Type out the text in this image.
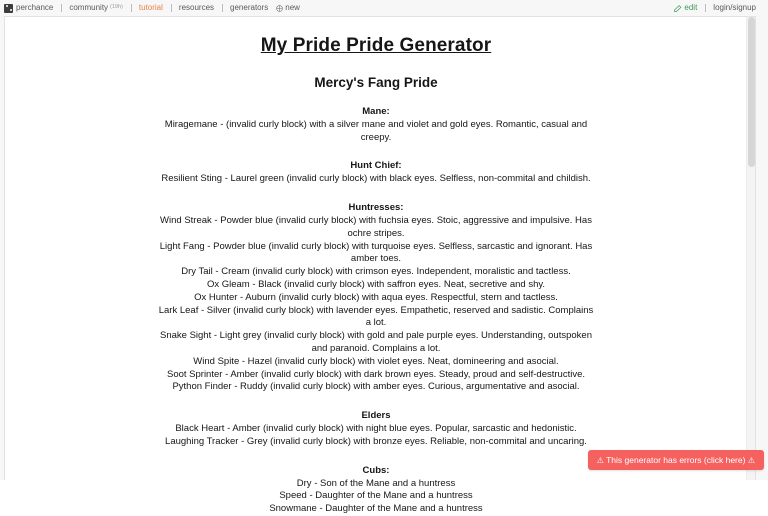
perchance community (19h) tutorial resources generators new	edit login/signup
My Pride Pride Generator
Mercy's Fang Pride

Mane:

Miragemane - (invalid curly block) with a silver mane and violet and gold eyes. Romantic, casual and creepy.

Hunt Chief:

Resilient Sting - Laurel green (invalid curly block) with black eyes. Selfless, non-commital and childish.

Huntresses:

Wind Streak - Powder blue (invalid curly block) with fuchsia eyes. Stoic, aggressive and impulsive. Has ochre stripes.

Light Fang - Powder blue (invalid curly block) with turquoise eyes. Selfless, sarcastic and ignorant. Has amber toes.

Dry Tail - Cream (invalid curly block) with crimson eyes. Independent, moralistic and tactless.

Ox Gleam - Black (invalid curly block) with saffron eyes. Neat, secretive and shy.

Ox Hunter - Auburn (invalid curly block) with aqua eyes. Respectful, stern and tactless.

Lark Leaf - Silver (invalid curly block) with lavender eyes. Empathetic, reserved and sadistic. Complains a lot.

Snake Sight - Light grey (invalid curly block) with gold and pale purple eyes. Understanding, outspoken and paranoid. Complains a lot.

Wind Spite - Hazel (invalid curly block) with violet eyes. Neat, domineering and asocial.

Soot Sprinter - Amber (invalid curly block) with dark brown eyes. Steady, proud and self-destructive.

Python Finder - Ruddy (invalid curly block) with amber eyes. Curious, argumentative and asocial.

Elders

Black Heart - Amber (invalid curly block) with night blue eyes. Popular, sarcastic and hedonistic.

Laughing Tracker - Grey (invalid curly block) with bronze eyes. Reliable, non-commital and uncaring.

Cubs:

Dry - Son of the Mane and a huntress

Speed - Daughter of the Mane and a huntress

Snowmane - Daughter of the Mane and a huntress

⚠ This generator has errors (click here) ⚠
